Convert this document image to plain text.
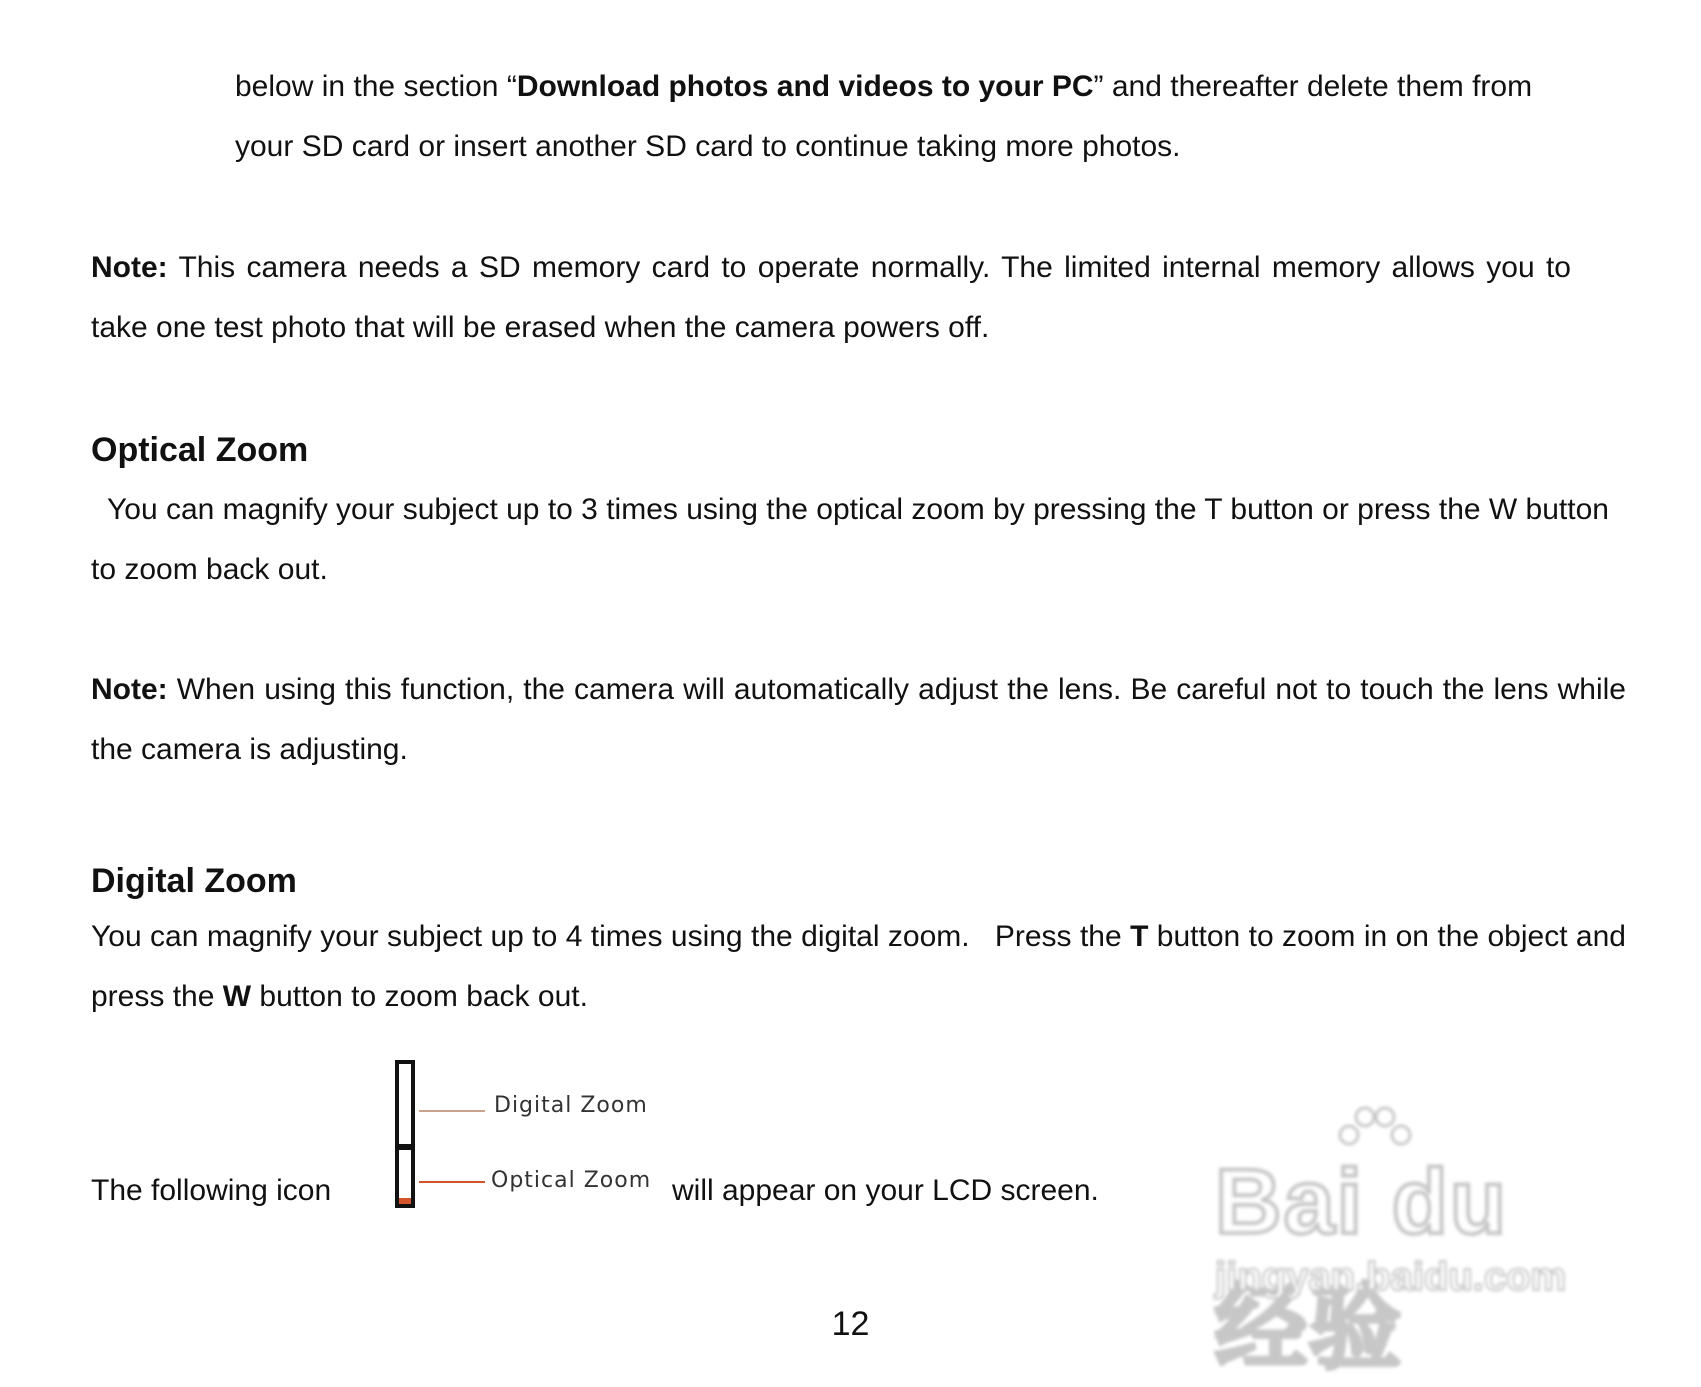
below in the section “Download photos and videos to your PC” and thereafter delete them from your SD card or insert another SD card to continue taking more photos.

Note: This camera needs a SD memory card to operate normally. The limited internal memory allows you to take one test photo that will be erased when the camera powers off.

Optical Zoom

You can magnify your subject up to 3 times using the optical zoom by pressing the T button or press the W button to zoom back out.

Note: When using this function, the camera will automatically adjust the lens. Be careful not to touch the lens while the camera is adjusting.

Digital Zoom

You can magnify your subject up to 4 times using the digital zoom.   Press the T button to zoom in on the object and press the W button to zoom back out.

The following icon
Digital Zoom
Optical Zoom will appear on your LCD screen. Bai du 经验
jingyan.baidu.com
12
